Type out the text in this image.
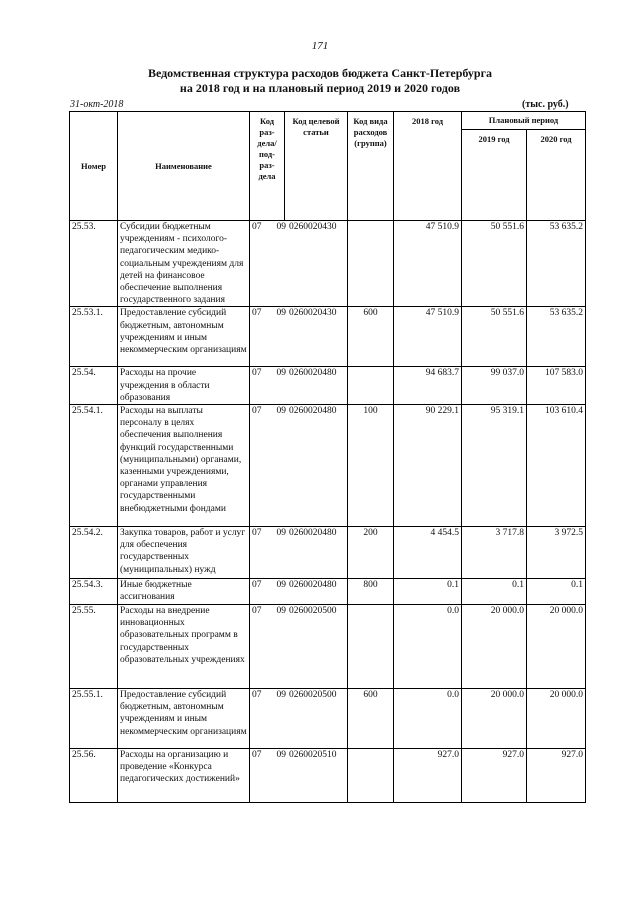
171
Ведомственная структура расходов бюджета Санкт-Петербурга
на 2018 год и на плановый период 2019 и 2020 годов
31-окт-2018	(тыс. руб.)
Номер	Наименование	Код раз- дела/ под- раз- дела	Код целевой статьи	Код вида расходов (группа)	2018 год	Плановый период	
						2019 год	2020 год
25.53.	Субсидии бюджетным учреждениям - психолого-педагогическим медико-социальным учреждениям для детей на финансовое обеспечение выполнения государственного задания	07 09 0260020430			47 510.9	50 551.6	53 635.2
25.53.1.	Предоставление субсидий бюджетным, автономным учреждениям и иным некоммерческим организациям	07 09 0260020430		600	47 510.9	50 551.6	53 635.2
25.54.	Расходы на прочие учреждения в области образования	07 09 0260020480			94 683.7	99 037.0	107 583.0
25.54.1.	Расходы на выплаты персоналу в целях обеспечения выполнения функций государственными (муниципальными) органами, казенными учреждениями, органами управления государственными внебюджетными фондами	07 09 0260020480		100	90 229.1	95 319.1	103 610.4
25.54.2.	Закупка товаров, работ и услуг для обеспечения государственных (муниципальных) нужд	07 09 0260020480		200	4 454.5	3 717.8	3 972.5
25.54.3.	Иные бюджетные ассигнования	07 09 0260020480		800	0.1	0.1	0.1
25.55.	Расходы на внедрение инновационных образовательных программ в государственных образовательных учреждениях	07 09 0260020500			0.0	20 000.0	20 000.0
25.55.1.	Предоставление субсидий бюджетным, автономным учреждениям и иным некоммерческим организациям	07 09 0260020500		600	0.0	20 000.0	20 000.0
25.56.	Расходы на организацию и проведение «Конкурса педагогических достижений»	07 09 0260020510			927.0	927.0	927.0
